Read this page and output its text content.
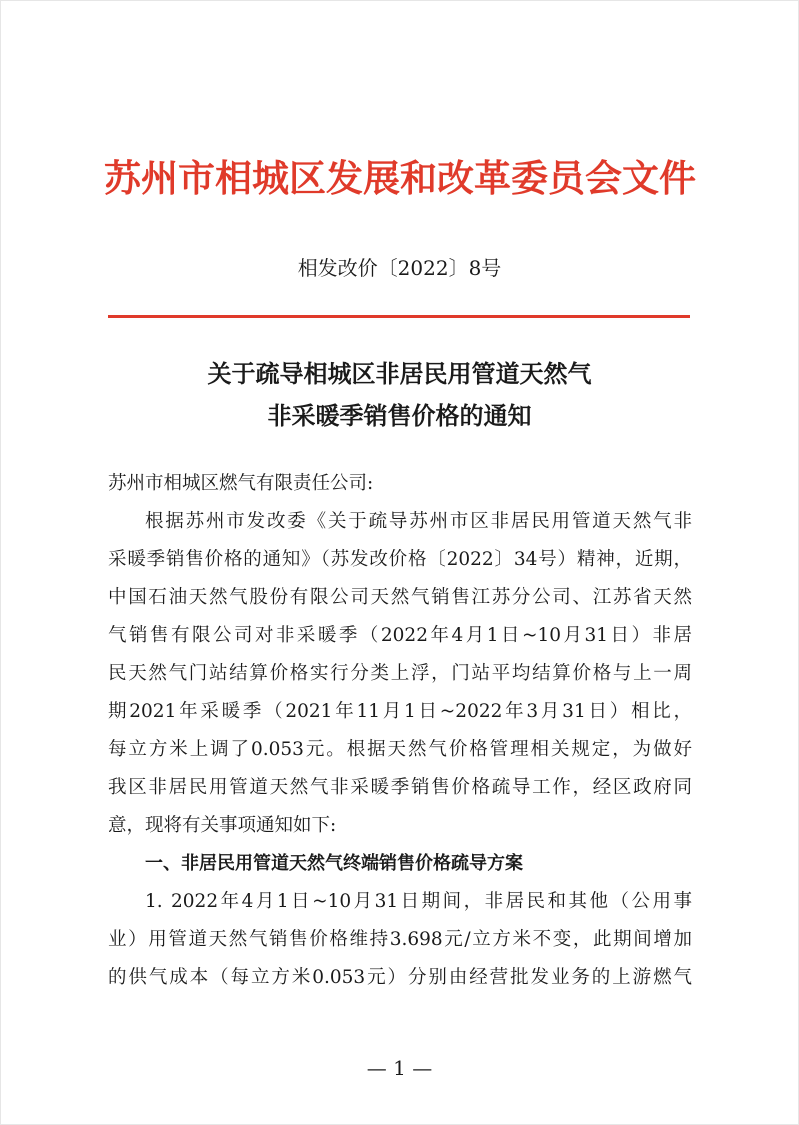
苏州市相城区发展和改革委员会文件
相发改价〔2022〕8号
关于疏导相城区非居民用管道天然气
非采暖季销售价格的通知
苏州市相城区燃气有限责任公司:
根据苏州市发改委《关于疏导苏州市区非居民用管道天然气非
采暖季销售价格的通知》（苏发改价格〔2022〕34号）精神，近期，
中国石油天然气股份有限公司天然气销售江苏分公司、江苏省天然
气销售有限公司对非采暖季（2022年4月1日~10月31日）非居
民天然气门站结算价格实行分类上浮，门站平均结算价格与上一周
期2021年采暖季（2021年11月1日~2022年3月31日）相比，
每立方米上调了0.053元。根据天然气价格管理相关规定，为做好
我区非居民用管道天然气非采暖季销售价格疏导工作，经区政府同
意，现将有关事项通知如下:
一、非居民用管道天然气终端销售价格疏导方案
1. 2022年4月1日~10月31日期间，非居民和其他（公用事
业）用管道天然气销售价格维持3.698元/立方米不变，此期间增加
的供气成本（每立方米0.053元）分别由经营批发业务的上游燃气
— 1 —
